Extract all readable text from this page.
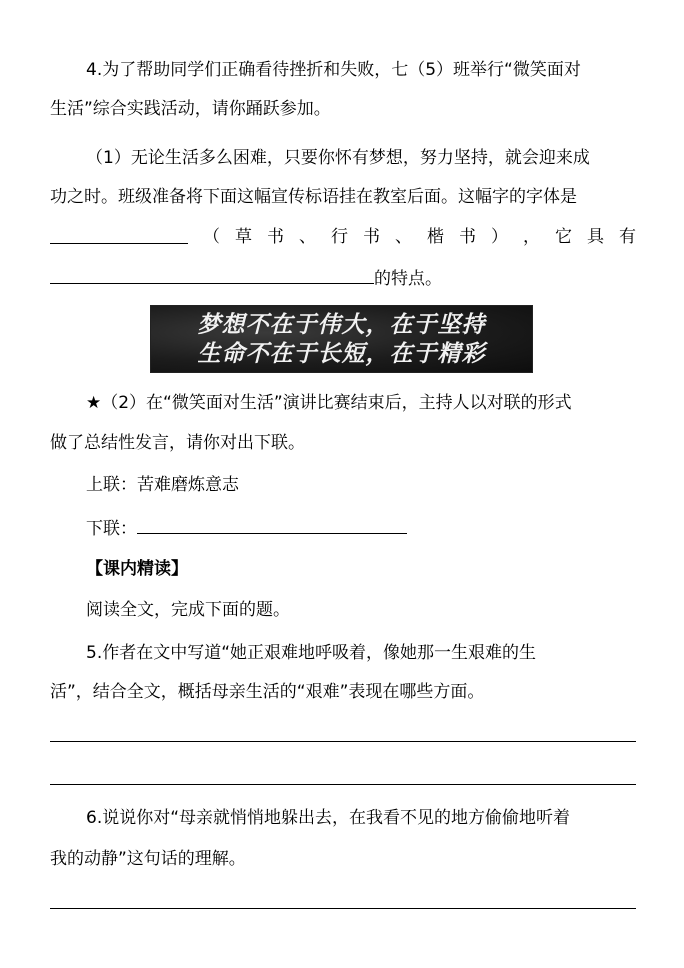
4.为了帮助同学们正确看待挫折和失败，七（5）班举行“微笑面对
生活”综合实践活动，请你踊跃参加。
（1）无论生活多么困难，只要你怀有梦想，努力坚持，就会迎来成
功之时。班级准备将下面这幅宣传标语挂在教室后面。这幅字的字体是
（ 草 书 、 行 书 、 楷 书 ） ， 它 具 有
的特点。
梦想不在于伟大，在于坚持
生命不在于长短，在于精彩
★（2）在“微笑面对生活”演讲比赛结束后，主持人以对联的形式
做了总结性发言，请你对出下联。
上联：苦难磨炼意志
下联：
【课内精读】
阅读全文，完成下面的题。
5.作者在文中写道“她正艰难地呼吸着，像她那一生艰难的生
活”，结合全文，概括母亲生活的“艰难”表现在哪些方面。
6.说说你对“母亲就悄悄地躲出去，在我看不见的地方偷偷地听着
我的动静”这句话的理解。
